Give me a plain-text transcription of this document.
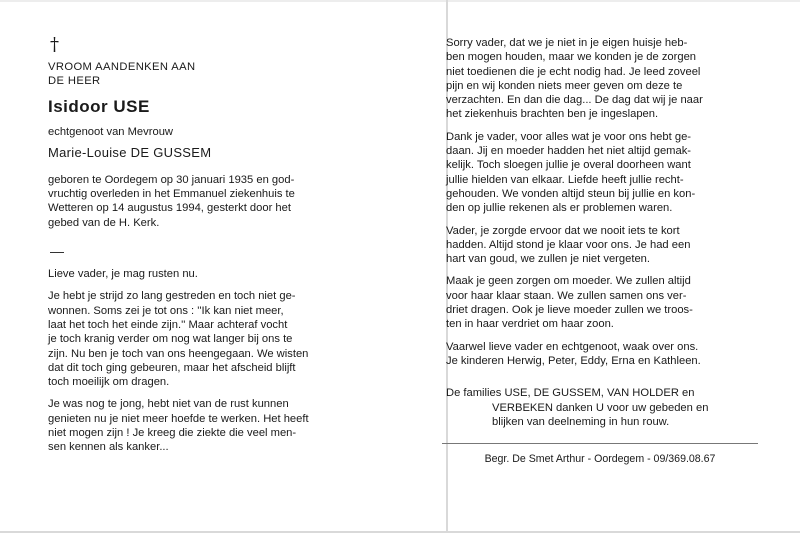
†
VROOM AANDENKEN AAN
DE HEER
Isidoor USE
echtgenoot van Mevrouw
Marie-Louise DE GUSSEM
geboren te Oordegem op 30 januari 1935 en god-
vruchtig overleden in het Emmanuel ziekenhuis te
Wetteren op 14 augustus 1994, gesterkt door het
gebed van de H. Kerk.
Lieve vader, je mag rusten nu.
Je hebt je strijd zo lang gestreden en toch niet ge-
wonnen. Soms zei je tot ons : ''Ik kan niet meer,
laat het toch het einde zijn.'' Maar achteraf vocht
je toch kranig verder om nog wat langer bij ons te
zijn. Nu ben je toch van ons heengegaan. We wisten
dat dit toch ging gebeuren, maar het afscheid blijft
toch moeilijk om dragen.
Je was nog te jong, hebt niet van de rust kunnen
genieten nu je niet meer hoefde te werken. Het heeft
niet mogen zijn ! Je kreeg die ziekte die veel men-
sen kennen als kanker...
Sorry vader, dat we je niet in je eigen huisje heb-
ben mogen houden, maar we konden je de zorgen
niet toedienen die je echt nodig had. Je leed zoveel
pijn en wij konden niets meer geven om deze te
verzachten. En dan die dag... De dag dat wij je naar
het ziekenhuis brachten ben je ingeslapen.
Dank je vader, voor alles wat je voor ons hebt ge-
daan. Jij en moeder hadden het niet altijd gemak-
kelijk. Toch sloegen jullie je overal doorheen want
jullie hielden van elkaar. Liefde heeft jullie recht-
gehouden. We vonden altijd steun bij jullie en kon-
den op jullie rekenen als er problemen waren.
Vader, je zorgde ervoor dat we nooit iets te kort
hadden. Altijd stond je klaar voor ons. Je had een
hart van goud, we zullen je niet vergeten.
Maak je geen zorgen om moeder. We zullen altijd
voor haar klaar staan. We zullen samen ons ver-
driet dragen. Ook je lieve moeder zullen we troos-
ten in haar verdriet om haar zoon.
Vaarwel lieve vader en echtgenoot, waak over ons.
Je kinderen Herwig, Peter, Eddy, Erna en Kathleen.
De families USE, DE GUSSEM, VAN HOLDER en
VERBEKEN danken U voor uw gebeden en
blijken van deelneming in hun rouw.
Begr. De Smet Arthur - Oordegem - 09/369.08.67
